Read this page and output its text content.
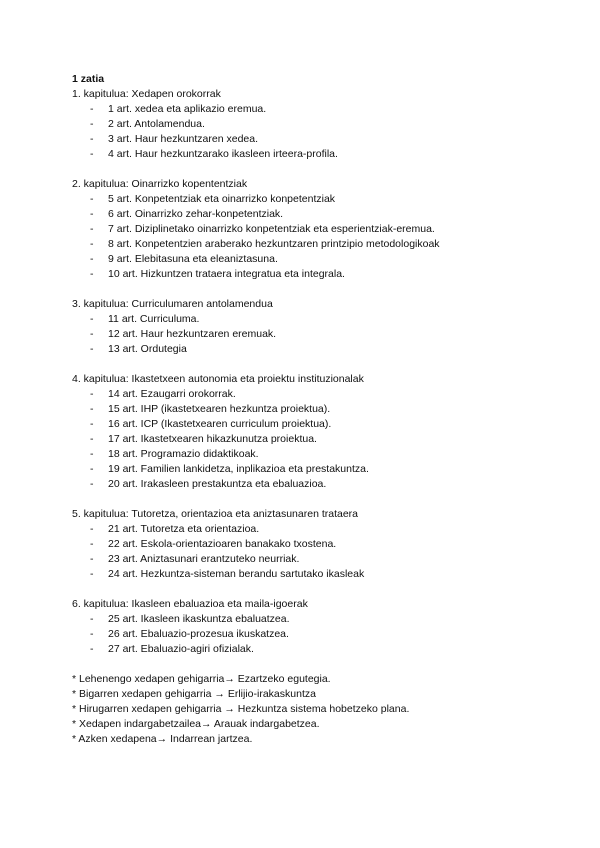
1 zatia
1. kapitulua: Xedapen orokorrak
- 1 art. xedea eta aplikazio eremua.
- 2 art. Antolamendua.
- 3 art. Haur hezkuntzaren xedea.
- 4 art. Haur hezkuntzarako ikasleen irteera-profila.
2. kapitulua: Oinarrizko kopententziak
- 5 art. Konpetentziak eta oinarrizko konpetentziak
- 6 art. Oinarrizko zehar-konpetentziak.
- 7 art. Diziplinetako oinarrizko konpetentziak eta esperientziak-eremua.
- 8 art. Konpetentzien araberako hezkuntzaren printzipio metodologikoak
- 9 art. Elebitasuna eta eleaniztasuna.
- 10 art. Hizkuntzen trataera integratua eta integrala.
3. kapitulua: Curriculumaren antolamendua
- 11 art. Curriculuma.
- 12 art. Haur hezkuntzaren eremuak.
- 13 art. Ordutegia
4. kapitulua: Ikastetxeen autonomia eta proiektu instituzionalak
- 14 art. Ezaugarri orokorrak.
- 15 art. IHP (ikastetxearen hezkuntza proiektua).
- 16 art. ICP (Ikastetxearen curriculum proiektua).
- 17 art. Ikastetxearen hikazkunutza proiektua.
- 18 art. Programazio didaktikoak.
- 19 art. Familien lankidetza, inplikazioa eta prestakuntza.
- 20 art. Irakasleen prestakuntza eta ebaluazioa.
5. kapitulua: Tutoretza, orientazioa eta aniztasunaren trataera
- 21 art. Tutoretza eta orientazioa.
- 22 art. Eskola-orientazioaren banakako txostena.
- 23 art. Aniztasunari erantzuteko neurriak.
- 24 art. Hezkuntza-sisteman berandu sartutako ikasleak
6. kapitulua: Ikasleen ebaluazioa eta maila-igoerak
- 25 art. Ikasleen ikaskuntza ebaluatzea.
- 26 art. Ebaluazio-prozesua ikuskatzea.
- 27 art. Ebaluazio-agiri ofizialak.
* Lehenengo xedapen gehigarria→ Ezartzeko egutegia.
* Bigarren xedapen gehigarria → Erlijio-irakaskuntza
* Hirugarren xedapen gehigarria → Hezkuntza sistema hobetzeko plana.
* Xedapen indargabetzailea→ Arauak indargabetzea.
* Azken xedapena→ Indarrean jartzea.
